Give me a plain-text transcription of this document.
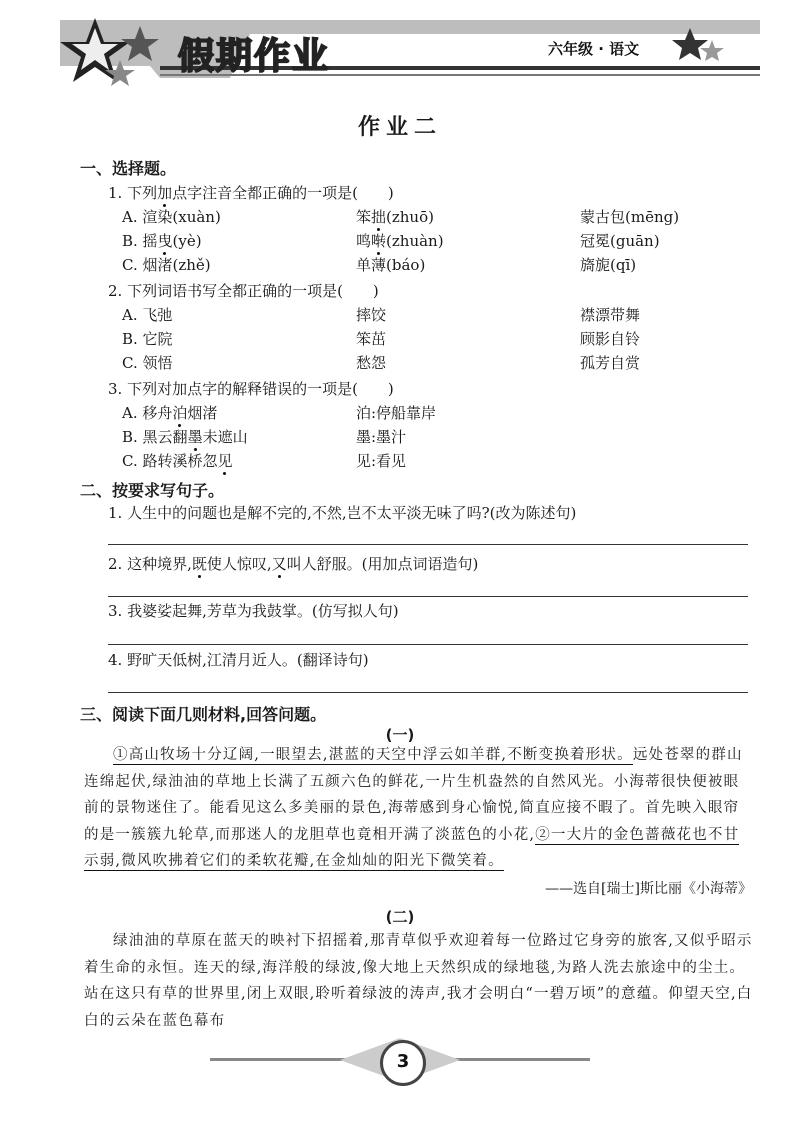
假期作业	六年级 · 语文
作业二
一、选择题。
1. 下列加点字注音全都正确的一项是(　　)
A. 渲染(xuàn)	笨拙(zhuō)	蒙古包(mēng)
B. 摇曳(yè)	鸣啭(zhuàn)	冠冕(guān)
C. 烟渚(zhě)	单薄(báo)	旖旎(qī)
2. 下列词语书写全都正确的一项是(　　)
A. 飞弛	摔饺	襟漂带舞
B. 它院	笨茁	顾影自铃
C. 领悟	愁怨	孤芳自赏
3. 下列对加点字的解释错误的一项是(　　)
A. 移舟泊烟渚	泊:停船靠岸
B. 黑云翻墨未遮山	墨:墨汁
C. 路转溪桥忽见	见:看见
二、按要求写句子。
1. 人生中的问题也是解不完的,不然,岂不太平淡无味了吗?(改为陈述句)
2. 这种境界,既使人惊叹,又叫人舒服。(用加点词语造句)
3. 我婆娑起舞,芳草为我鼓掌。(仿写拟人句)
4. 野旷天低树,江清月近人。(翻译诗句)
三、阅读下面几则材料,回答问题。
(一)

①高山牧场十分辽阔,一眼望去,湛蓝的天空中浮云如羊群,不断变换着形状。远处苍翠的群山连绵起伏,绿油油的草地上长满了五颜六色的鲜花,一片生机盎然的自然风光。小海蒂很快便被眼前的景物迷住了。能看见这么多美丽的景色,海蒂感到身心愉悦,简直应接不暇了。首先映入眼帘的是一簇簇九轮草,而那迷人的龙胆草也竟相开满了淡蓝色的小花,②一大片的金色蔷薇花也不甘示弱,微风吹拂着它们的柔软花瓣,在金灿灿的阳光下微笑着。

——选自[瑞士]斯比丽《小海蒂》
(二)

绿油油的草原在蓝天的映衬下招摇着,那青草似乎欢迎着每一位路过它身旁的旅客,又似乎昭示着生命的永恒。连天的绿,海洋般的绿波,像大地上天然织成的绿地毯,为路人洗去旅途中的尘土。站在这只有草的世界里,闭上双眼,聆听着绿波的涛声,我才会明白“一碧万顷”的意蕴。仰望天空,白白的云朵在蓝色幕布

3
